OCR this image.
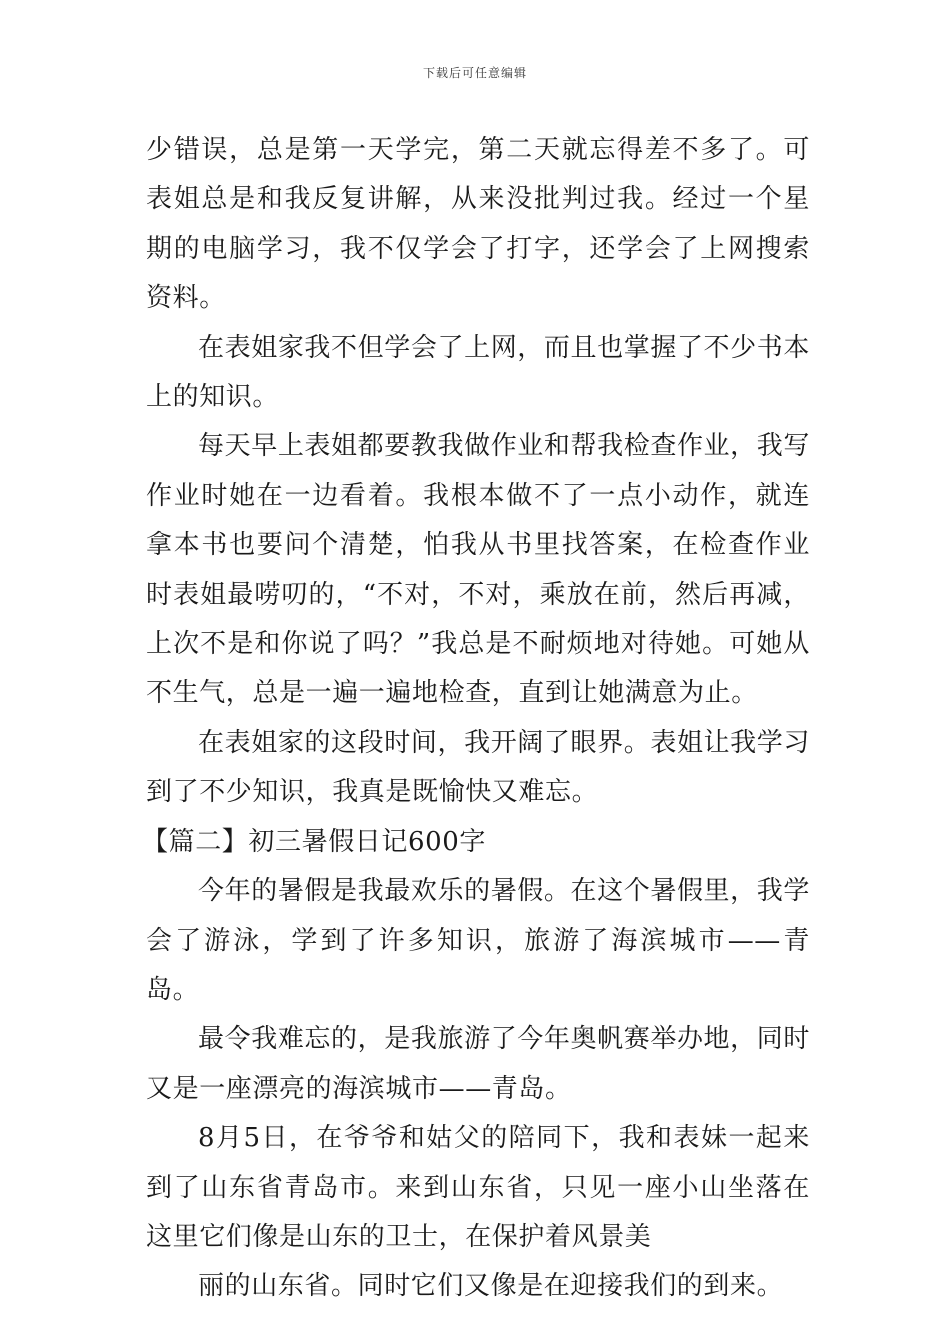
下载后可任意编辑

少错误，总是第一天学完，第二天就忘得差不多了。可表姐总是和我反复讲解，从来没批判过我。经过一个星期的电脑学习，我不仅学会了打字，还学会了上网搜索资料。

在表姐家我不但学会了上网，而且也掌握了不少书本上的知识。

每天早上表姐都要教我做作业和帮我检查作业，我写作业时她在一边看着。我根本做不了一点小动作，就连拿本书也要问个清楚，怕我从书里找答案，在检查作业时表姐最唠叨的，“不对，不对，乘放在前，然后再减，上次不是和你说了吗？”我总是不耐烦地对待她。可她从不生气，总是一遍一遍地检查，直到让她满意为止。

在表姐家的这段时间，我开阔了眼界。表姐让我学习到了不少知识，我真是既愉快又难忘。

【篇二】初三暑假日记600字

今年的暑假是我最欢乐的暑假。在这个暑假里，我学会了游泳，学到了许多知识，旅游了海滨城市——青岛。

最令我难忘的，是我旅游了今年奥帆赛举办地，同时又是一座漂亮的海滨城市——青岛。

8月5日，在爷爷和姑父的陪同下，我和表妹一起来到了山东省青岛市。来到山东省，只见一座小山坐落在这里它们像是山东的卫士，在保护着风景美

丽的山东省。同时它们又像是在迎接我们的到来。
